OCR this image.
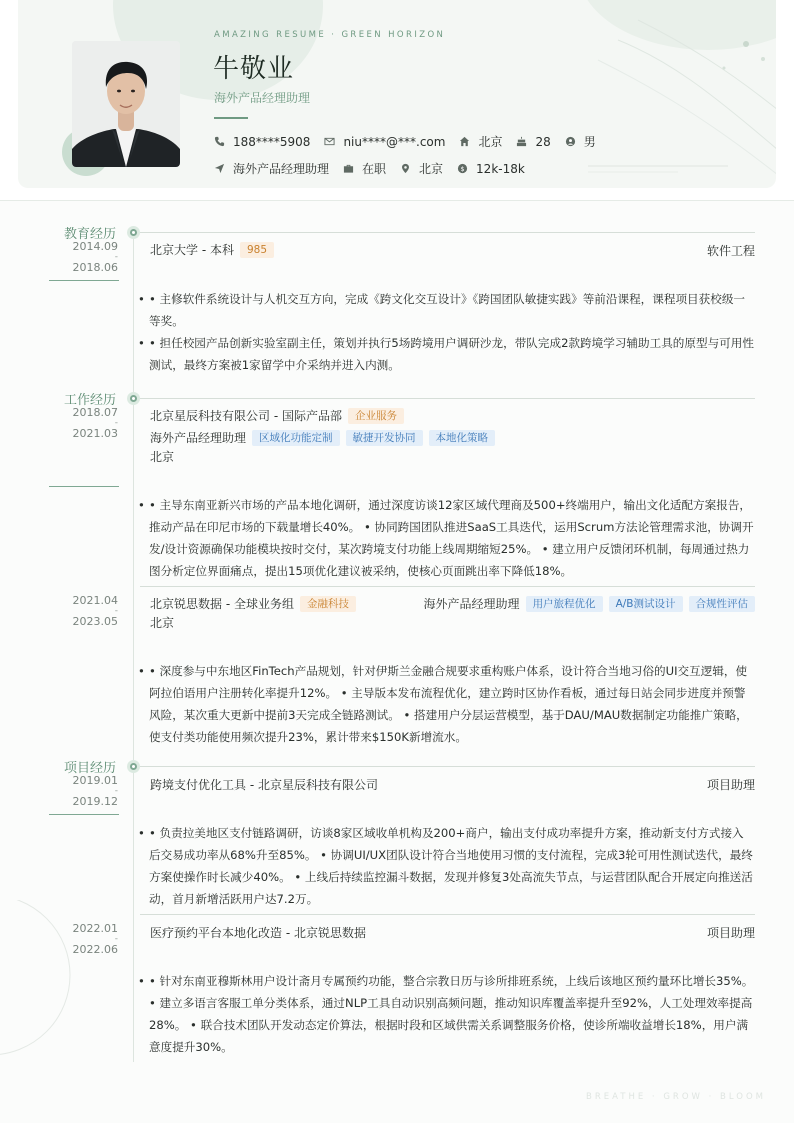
AMAZING RESUME · GREEN HORIZON
牛敬业
海外产品经理助理
188****5908	niu****@***.com	北京	28	男
海外产品经理助理	在职	北京 $ 12k-18k
教育经历
2014.09
-
2018.06
北京大学 - 本科	985	软件工程
• • 主修软件系统设计与人机交互方向，完成《跨文化交互设计》《跨国团队敏捷实践》等前沿课程，课程项目获校级一等奖。
• • 担任校园产品创新实验室副主任，策划并执行5场跨境用户调研沙龙，带队完成2款跨境学习辅助工具的原型与可用性测试，最终方案被1家留学中介采纳并进入内测。
工作经历
2018.07
-
2021.03
北京星辰科技有限公司 - 国际产品部	企业服务
海外产品经理助理	区域化功能定制	敏捷开发协同	本地化策略
北京
• • 主导东南亚新兴市场的产品本地化调研，通过深度访谈12家区域代理商及500+终端用户，输出文化适配方案报告，推动产品在印尼市场的下载量增长40%。 • 协同跨国团队推进SaaS工具迭代，运用Scrum方法论管理需求池，协调开发/设计资源确保功能模块按时交付，某次跨境支付功能上线周期缩短25%。 • 建立用户反馈闭环机制，每周通过热力图分析定位界面痛点，提出15项优化建议被采纳，使核心页面跳出率下降低18%。
2021.04
-
2023.05
北京锐思数据 - 全球业务组	金融科技	海外产品经理助理	用户旅程优化	A/B测试设计	合规性评估
北京
• • 深度参与中东地区FinTech产品规划，针对伊斯兰金融合规要求重构账户体系，设计符合当地习俗的UI交互逻辑，使阿拉伯语用户注册转化率提升12%。 • 主导版本发布流程优化，建立跨时区协作看板，通过每日站会同步进度并预警风险，某次重大更新中提前3天完成全链路测试。 • 搭建用户分层运营模型，基于DAU/MAU数据制定功能推广策略，使支付类功能使用频次提升23%，累计带来$150K新增流水。
项目经历
2019.01
-
2019.12
跨境支付优化工具 - 北京星辰科技有限公司	项目助理
• • 负责拉美地区支付链路调研，访谈8家区域收单机构及200+商户，输出支付成功率提升方案，推动新支付方式接入后交易成功率从68%升至85%。 • 协调UI/UX团队设计符合当地使用习惯的支付流程，完成3轮可用性测试迭代，最终方案使操作时长减少40%。 • 上线后持续监控漏斗数据，发现并修复3处高流失节点，与运营团队配合开展定向推送活动，首月新增活跃用户达7.2万。
2022.01
-
2022.06
医疗预约平台本地化改造 - 北京锐思数据	项目助理
• • 针对东南亚穆斯林用户设计斋月专属预约功能，整合宗教日历与诊所排班系统，上线后该地区预约量环比增长35%。 • 建立多语言客服工单分类体系，通过NLP工具自动识别高频问题，推动知识库覆盖率提升至92%，人工处理效率提高28%。 • 联合技术团队开发动态定价算法，根据时段和区域供需关系调整服务价格，使诊所端收益增长18%，用户满意度提升30%。
BREATHE · GROW · BLOOM
